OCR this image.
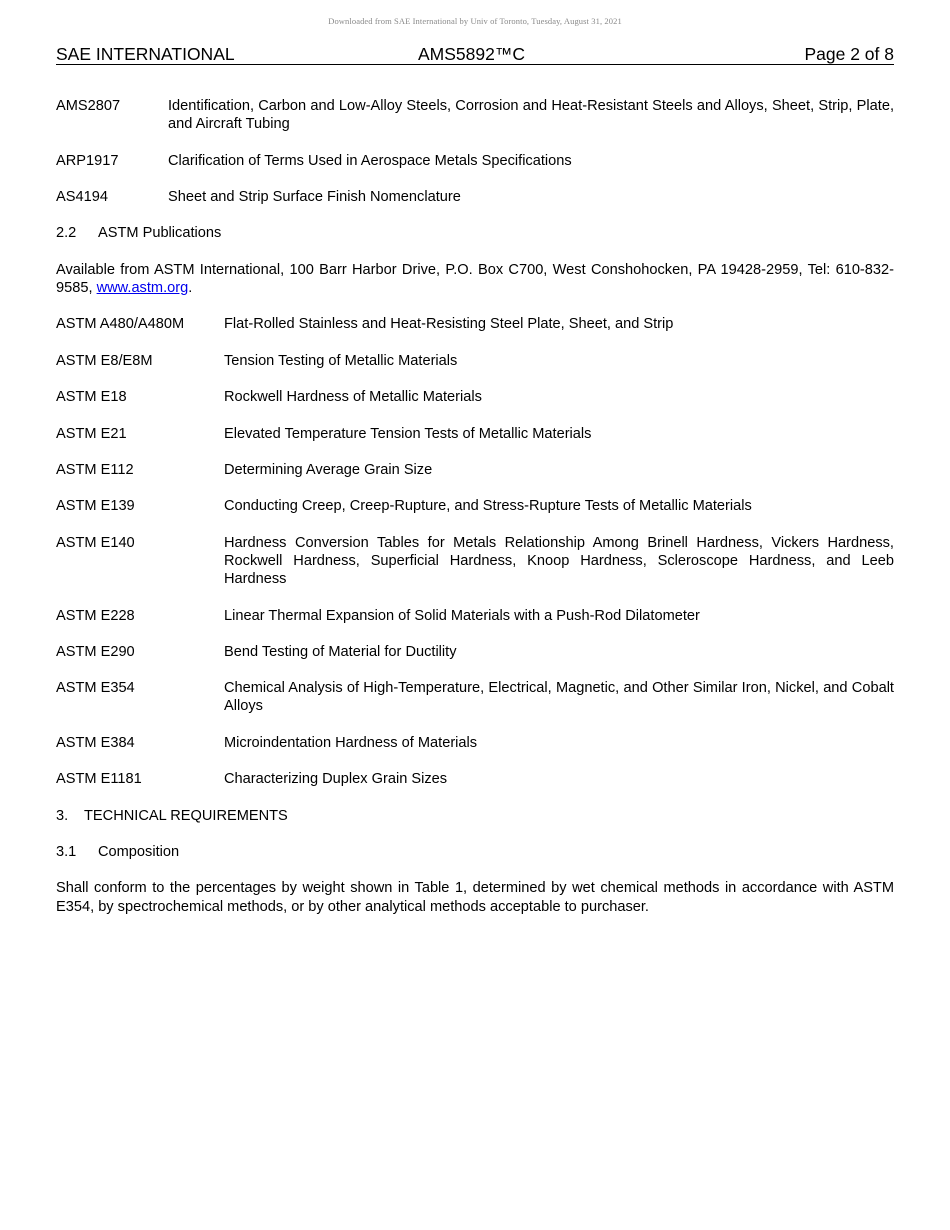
Downloaded from SAE International by Univ of Toronto, Tuesday, August 31, 2021
SAE INTERNATIONAL	AMS5892™C	Page 2 of 8
AMS2807	Identification, Carbon and Low-Alloy Steels, Corrosion and Heat-Resistant Steels and Alloys, Sheet, Strip, Plate, and Aircraft Tubing
ARP1917	Clarification of Terms Used in Aerospace Metals Specifications
AS4194	Sheet and Strip Surface Finish Nomenclature
2.2 ASTM Publications
Available from ASTM International, 100 Barr Harbor Drive, P.O. Box C700, West Conshohocken, PA 19428-2959, Tel: 610-832-9585, www.astm.org.
ASTM A480/A480M	Flat-Rolled Stainless and Heat-Resisting Steel Plate, Sheet, and Strip
ASTM E8/E8M	Tension Testing of Metallic Materials
ASTM E18	Rockwell Hardness of Metallic Materials
ASTM E21	Elevated Temperature Tension Tests of Metallic Materials
ASTM E112	Determining Average Grain Size
ASTM E139	Conducting Creep, Creep-Rupture, and Stress-Rupture Tests of Metallic Materials
ASTM E140	Hardness Conversion Tables for Metals Relationship Among Brinell Hardness, Vickers Hardness, Rockwell Hardness, Superficial Hardness, Knoop Hardness, Scleroscope Hardness, and Leeb Hardness
ASTM E228	Linear Thermal Expansion of Solid Materials with a Push-Rod Dilatometer
ASTM E290	Bend Testing of Material for Ductility
ASTM E354	Chemical Analysis of High-Temperature, Electrical, Magnetic, and Other Similar Iron, Nickel, and Cobalt Alloys
ASTM E384	Microindentation Hardness of Materials
ASTM E1181	Characterizing Duplex Grain Sizes
3. TECHNICAL REQUIREMENTS
3.1 Composition
Shall conform to the percentages by weight shown in Table 1, determined by wet chemical methods in accordance with ASTM E354, by spectrochemical methods, or by other analytical methods acceptable to purchaser.
